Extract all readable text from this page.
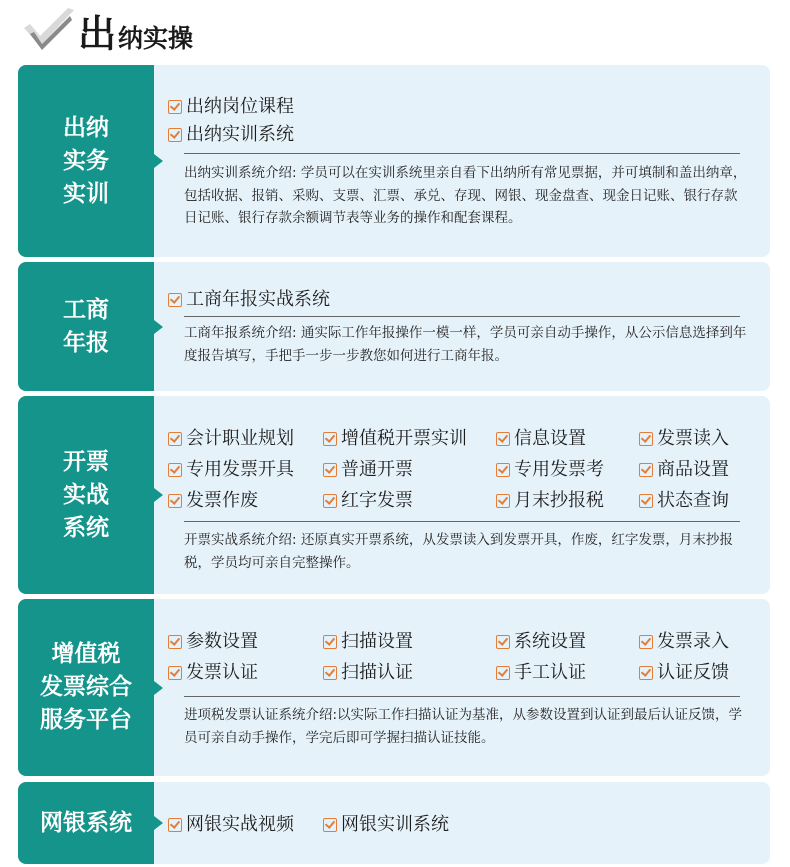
出 纳实操
出纳
实务
实训
出纳岗位课程
出纳实训系统
出纳实训系统介绍: 学员可以在实训系统里亲自看下出纳所有常见票据，并可填制和盖出纳章，包括收据、报销、采购、支票、汇票、承兑、存现、网银、现金盘查、现金日记账、银行存款日记账、银行存款余额调节表等业务的操作和配套课程。
工商
年报
工商年报实战系统
工商年报系统介绍: 通实际工作年报操作一模一样，学员可亲自动手操作，从公示信息选择到年度报告填写，手把手一步一步教您如何进行工商年报。
开票
实战
系统
会计职业规划	增值税开票实训	信息设置	发票读入
专用发票开具	普通开票	专用发票考	商品设置
发票作废	红字发票	月末抄报税	状态查询
开票实战系统介绍: 还原真实开票系统，从发票读入到发票开具，作废，红字发票，月末抄报税，学员均可亲自完整操作。
增值税
发票综合
服务平台
参数设置	扫描设置	系统设置	发票录入
发票认证	扫描认证	手工认证	认证反馈
进项税发票认证系统介绍:以实际工作扫描认证为基准，从参数设置到认证到最后认证反馈，学员可亲自动手操作，学完后即可学握扫描认证技能。
网银系统	网银实战视频	网银实训系统
